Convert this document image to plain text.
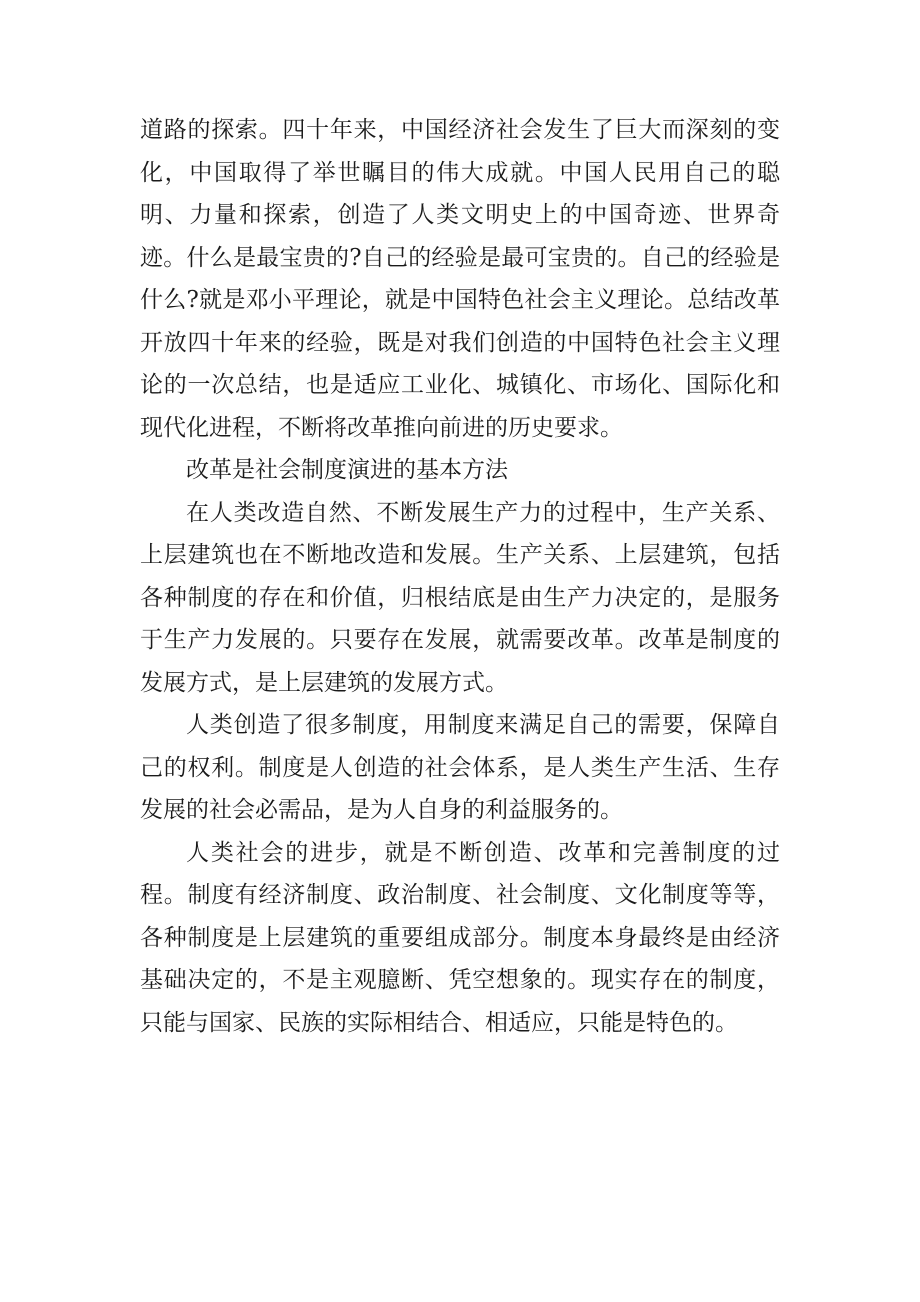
道路的探索。四十年来，中国经济社会发生了巨大而深刻的变化，中国取得了举世瞩目的伟大成就。中国人民用自己的聪明、力量和探索，创造了人类文明史上的中国奇迹、世界奇迹。什么是最宝贵的?自己的经验是最可宝贵的。自己的经验是什么?就是邓小平理论，就是中国特色社会主义理论。总结改革开放四十年来的经验，既是对我们创造的中国特色社会主义理论的一次总结，也是适应工业化、城镇化、市场化、国际化和现代化进程，不断将改革推向前进的历史要求。

改革是社会制度演进的基本方法

在人类改造自然、不断发展生产力的过程中，生产关系、上层建筑也在不断地改造和发展。生产关系、上层建筑，包括各种制度的存在和价值，归根结底是由生产力决定的，是服务于生产力发展的。只要存在发展，就需要改革。改革是制度的发展方式，是上层建筑的发展方式。

人类创造了很多制度，用制度来满足自己的需要，保障自己的权利。制度是人创造的社会体系，是人类生产生活、生存发展的社会必需品，是为人自身的利益服务的。

人类社会的进步，就是不断创造、改革和完善制度的过程。制度有经济制度、政治制度、社会制度、文化制度等等，各种制度是上层建筑的重要组成部分。制度本身最终是由经济基础决定的，不是主观臆断、凭空想象的。现实存在的制度，只能与国家、民族的实际相结合、相适应，只能是特色的。
